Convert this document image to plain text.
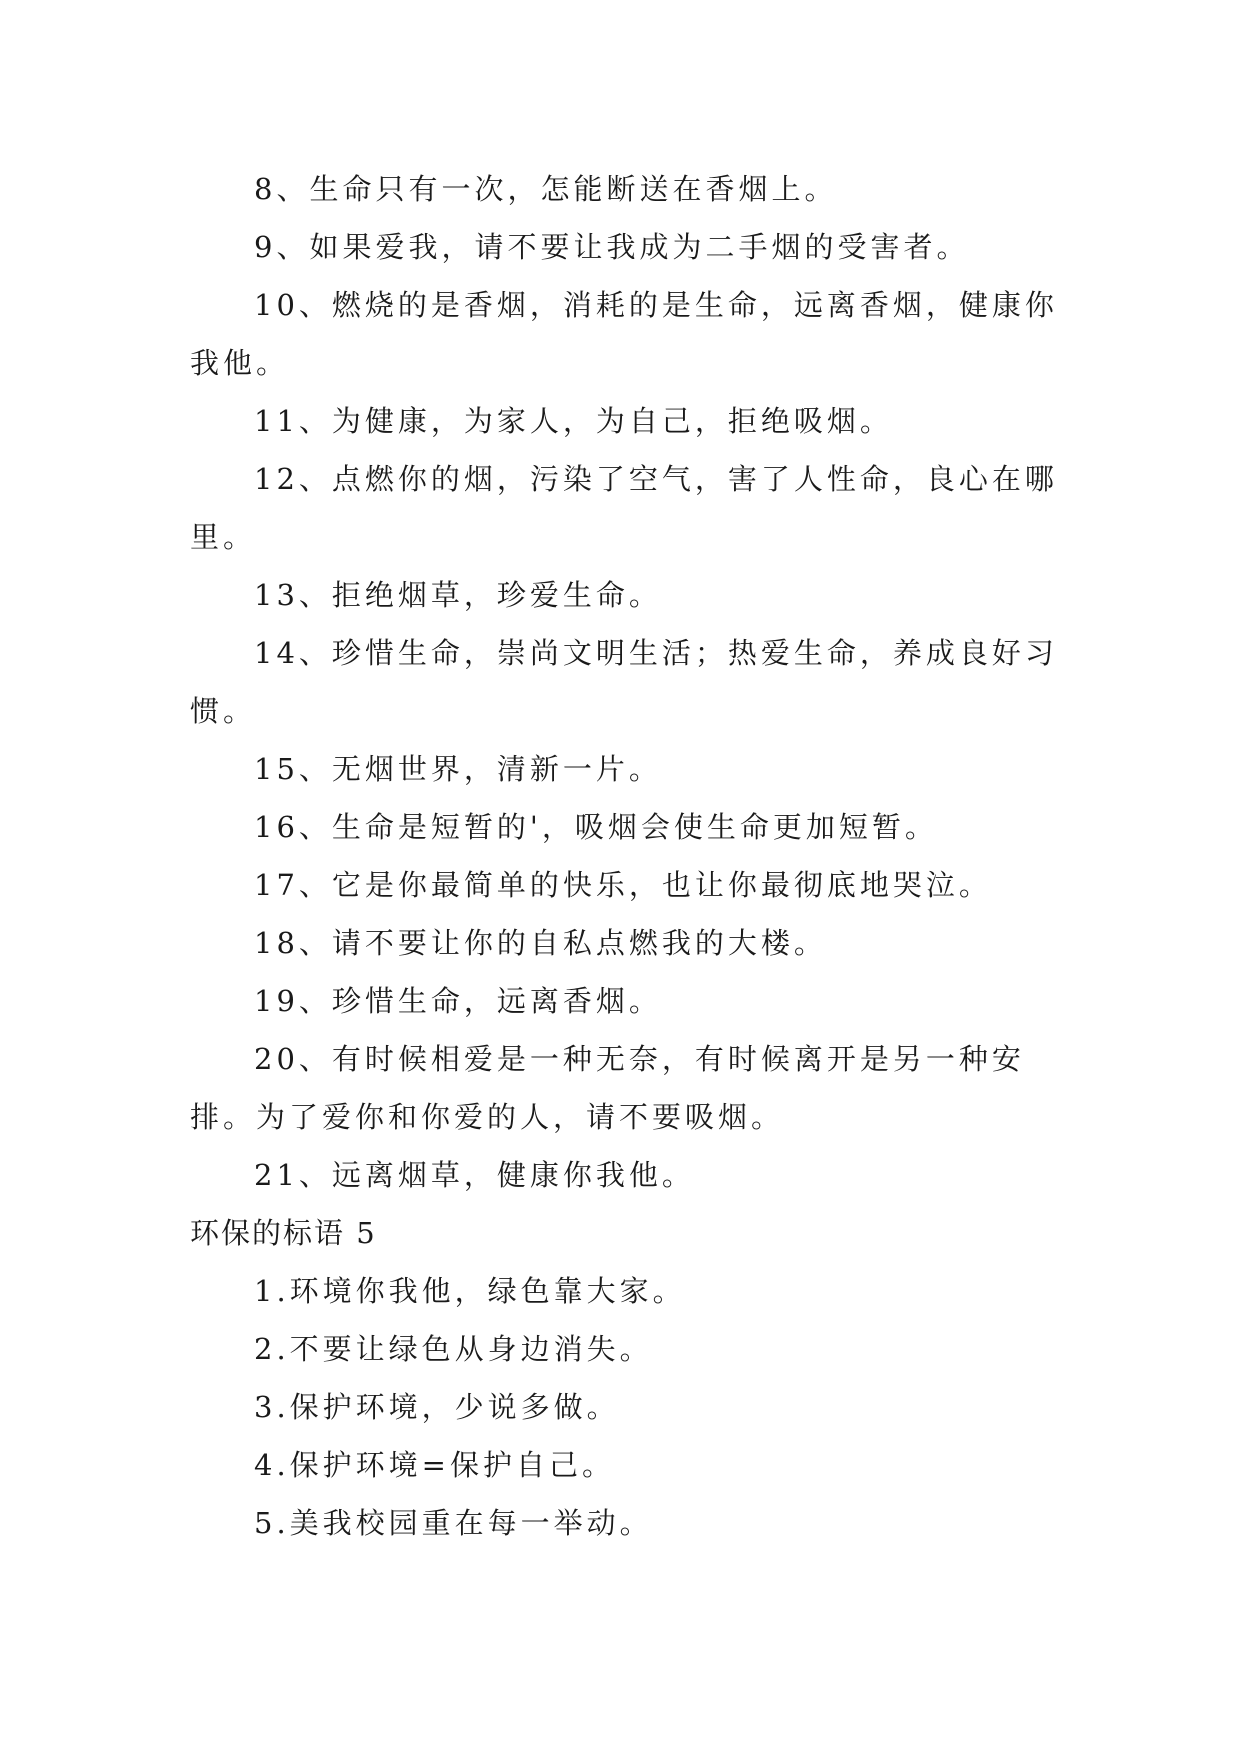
8、生命只有一次，怎能断送在香烟上。

9、如果爱我，请不要让我成为二手烟的受害者。

10、燃烧的是香烟，消耗的是生命，远离香烟，健康你我他。

11、为健康，为家人，为自己，拒绝吸烟。

12、点燃你的烟，污染了空气，害了人性命，良心在哪里。

13、拒绝烟草，珍爱生命。

14、珍惜生命，崇尚文明生活；热爱生命，养成良好习惯。

15、无烟世界，清新一片。

16、生命是短暂的'，吸烟会使生命更加短暂。

17、它是你最简单的快乐，也让你最彻底地哭泣。

18、请不要让你的自私点燃我的大楼。

19、珍惜生命，远离香烟。

20、有时候相爱是一种无奈，有时候离开是另一种安排。为了爱你和你爱的人，请不要吸烟。

21、远离烟草，健康你我他。

环保的标语 5

1.环境你我他，绿色靠大家。

2.不要让绿色从身边消失。

3.保护环境，少说多做。

4.保护环境=保护自己。

5.美我校园重在每一举动。
